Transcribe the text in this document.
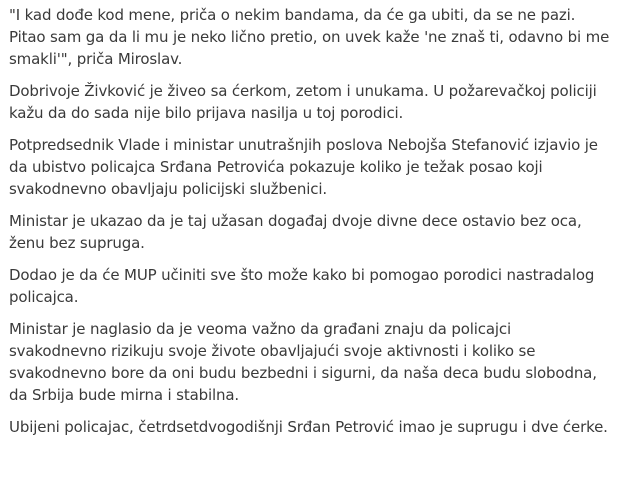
"I kad dođe kod mene, priča o nekim bandama, da će ga ubiti, da se ne pazi. Pitao sam ga da li mu je neko lično pretio, on uvek kaže 'ne znaš ti, odavno bi me smakli'", priča Miroslav.

Dobrivoje Živković je živeo sa ćerkom, zetom i unukama. U požarevačkoj policiji kažu da do sada nije bilo prijava nasilja u toj porodici.

Potpredsednik Vlade i ministar unutrašnjih poslova Nebojša Stefanović izjavio je da ubistvo policajca Srđana Petrovića pokazuje koliko je težak posao koji svakodnevno obavljaju policijski službenici.

Ministar je ukazao da je taj užasan događaj dvoje divne dece ostavio bez oca, ženu bez supruga.

Dodao je da će MUP učiniti sve što može kako bi pomogao porodici nastradalog policajca.

Ministar je naglasio da je veoma važno da građani znaju da policajci svakodnevno rizikuju svoje živote obavljajući svoje aktivnosti i koliko se svakodnevno bore da oni budu bezbedni i sigurni, da naša deca budu slobodna, da Srbija bude mirna i stabilna.

Ubijeni policajac, četrdsetdvogodišnji Srđan Petrović imao je suprugu i dve ćerke.
